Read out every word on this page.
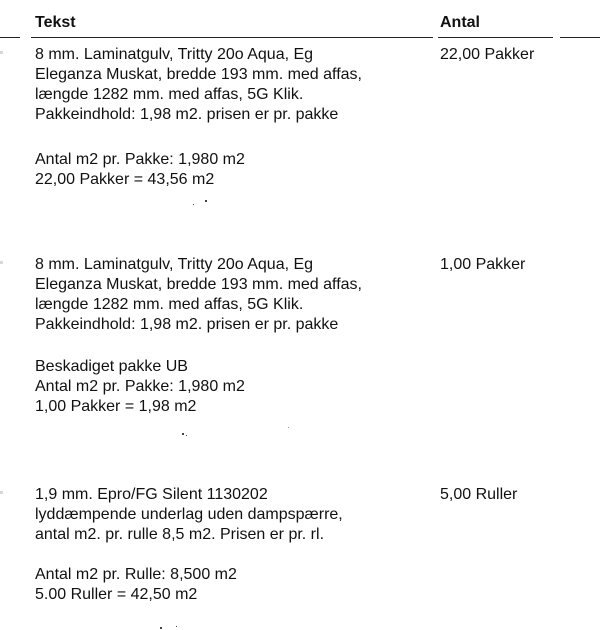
Tekst	Antal
8 mm. Laminatgulv, Tritty 20o Aqua, Eg
Eleganza Muskat, bredde 193 mm. med affas,
længde 1282 mm. med affas, 5G Klik.
Pakkeindhold: 1,98 m2. prisen er pr. pakke
22,00 Pakker
Antal m2 pr. Pakke: 1,980 m2
22,00 Pakker = 43,56 m2
8 mm. Laminatgulv, Tritty 20o Aqua, Eg
Eleganza Muskat, bredde 193 mm. med affas,
længde 1282 mm. med affas, 5G Klik.
Pakkeindhold: 1,98 m2. prisen er pr. pakke
1,00 Pakker
Beskadiget pakke UB
Antal m2 pr. Pakke: 1,980 m2
1,00 Pakker = 1,98 m2
1,9 mm. Epro/FG Silent 1130202
lyddæmpende underlag uden dampspærre,
antal m2. pr. rulle 8,5 m2. Prisen er pr. rl.
5,00 Ruller
Antal m2 pr. Rulle: 8,500 m2
5.00 Ruller = 42,50 m2
